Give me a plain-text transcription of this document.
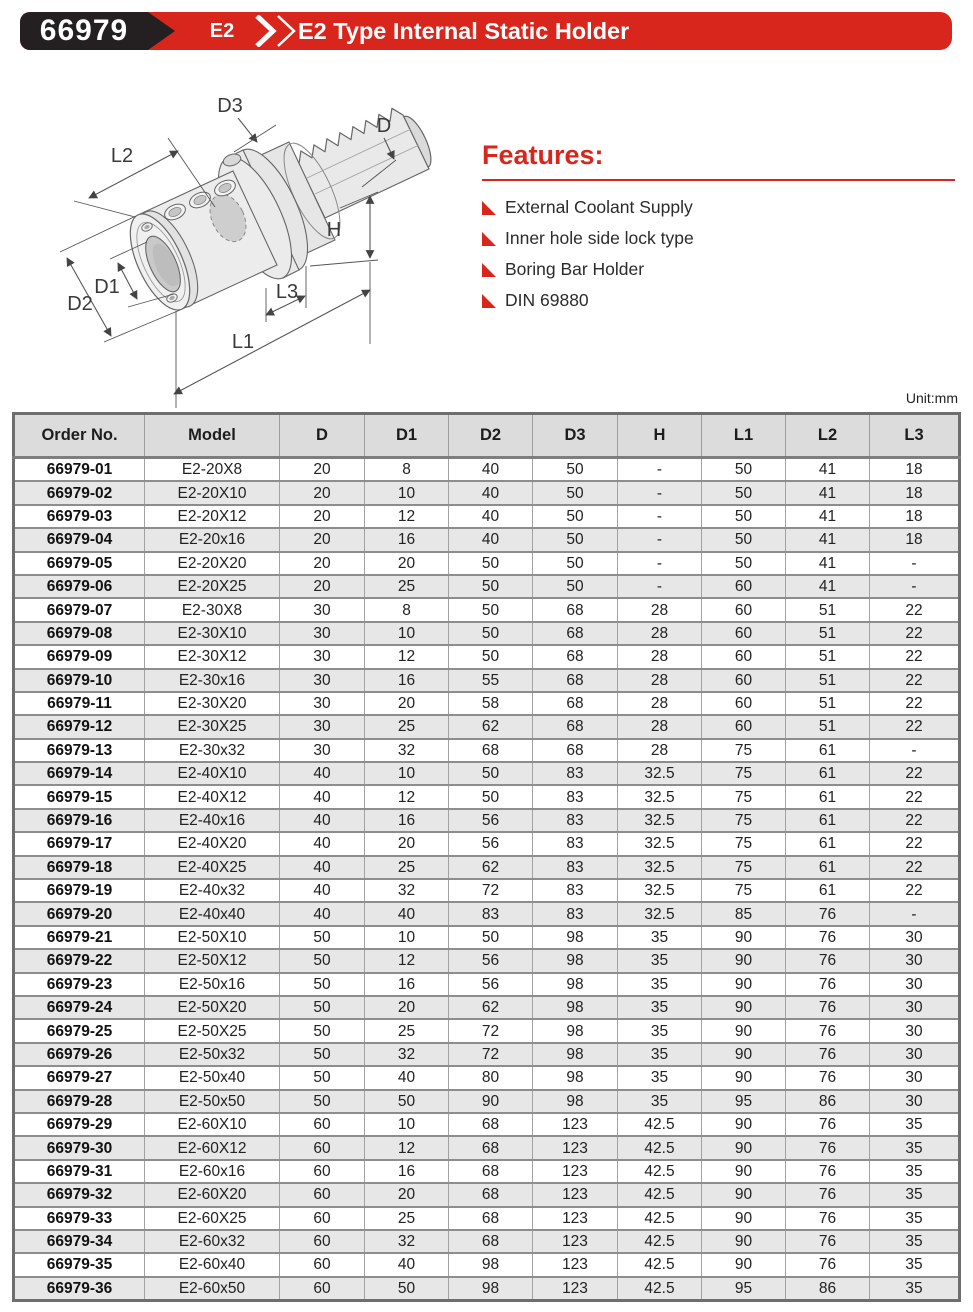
66979	E2	E2 Type Internal Static Holder
D3
D
L2
H
D1
D2
L3
L1
Features:
External Coolant Supply
Inner hole side lock type
Boring Bar Holder
DIN 69880
Unit:mm
Order No.	Model	D	D1	D2	D3	H	L1	L2	L3
66979-01	E2-20X8	20	8	40	50	-	50	41	18
66979-02	E2-20X10	20	10	40	50	-	50	41	18
66979-03	E2-20X12	20	12	40	50	-	50	41	18
66979-04	E2-20x16	20	16	40	50	-	50	41	18
66979-05	E2-20X20	20	20	50	50	-	50	41	-
66979-06	E2-20X25	20	25	50	50	-	60	41	-
66979-07	E2-30X8	30	8	50	68	28	60	51	22
66979-08	E2-30X10	30	10	50	68	28	60	51	22
66979-09	E2-30X12	30	12	50	68	28	60	51	22
66979-10	E2-30x16	30	16	55	68	28	60	51	22
66979-11	E2-30X20	30	20	58	68	28	60	51	22
66979-12	E2-30X25	30	25	62	68	28	60	51	22
66979-13	E2-30x32	30	32	68	68	28	75	61	-
66979-14	E2-40X10	40	10	50	83	32.5	75	61	22
66979-15	E2-40X12	40	12	50	83	32.5	75	61	22
66979-16	E2-40x16	40	16	56	83	32.5	75	61	22
66979-17	E2-40X20	40	20	56	83	32.5	75	61	22
66979-18	E2-40X25	40	25	62	83	32.5	75	61	22
66979-19	E2-40x32	40	32	72	83	32.5	75	61	22
66979-20	E2-40x40	40	40	83	83	32.5	85	76	-
66979-21	E2-50X10	50	10	50	98	35	90	76	30
66979-22	E2-50X12	50	12	56	98	35	90	76	30
66979-23	E2-50x16	50	16	56	98	35	90	76	30
66979-24	E2-50X20	50	20	62	98	35	90	76	30
66979-25	E2-50X25	50	25	72	98	35	90	76	30
66979-26	E2-50x32	50	32	72	98	35	90	76	30
66979-27	E2-50x40	50	40	80	98	35	90	76	30
66979-28	E2-50x50	50	50	90	98	35	95	86	30
66979-29	E2-60X10	60	10	68	123	42.5	90	76	35
66979-30	E2-60X12	60	12	68	123	42.5	90	76	35
66979-31	E2-60x16	60	16	68	123	42.5	90	76	35
66979-32	E2-60X20	60	20	68	123	42.5	90	76	35
66979-33	E2-60X25	60	25	68	123	42.5	90	76	35
66979-34	E2-60x32	60	32	68	123	42.5	90	76	35
66979-35	E2-60x40	60	40	98	123	42.5	90	76	35
66979-36	E2-60x50	60	50	98	123	42.5	95	86	35
